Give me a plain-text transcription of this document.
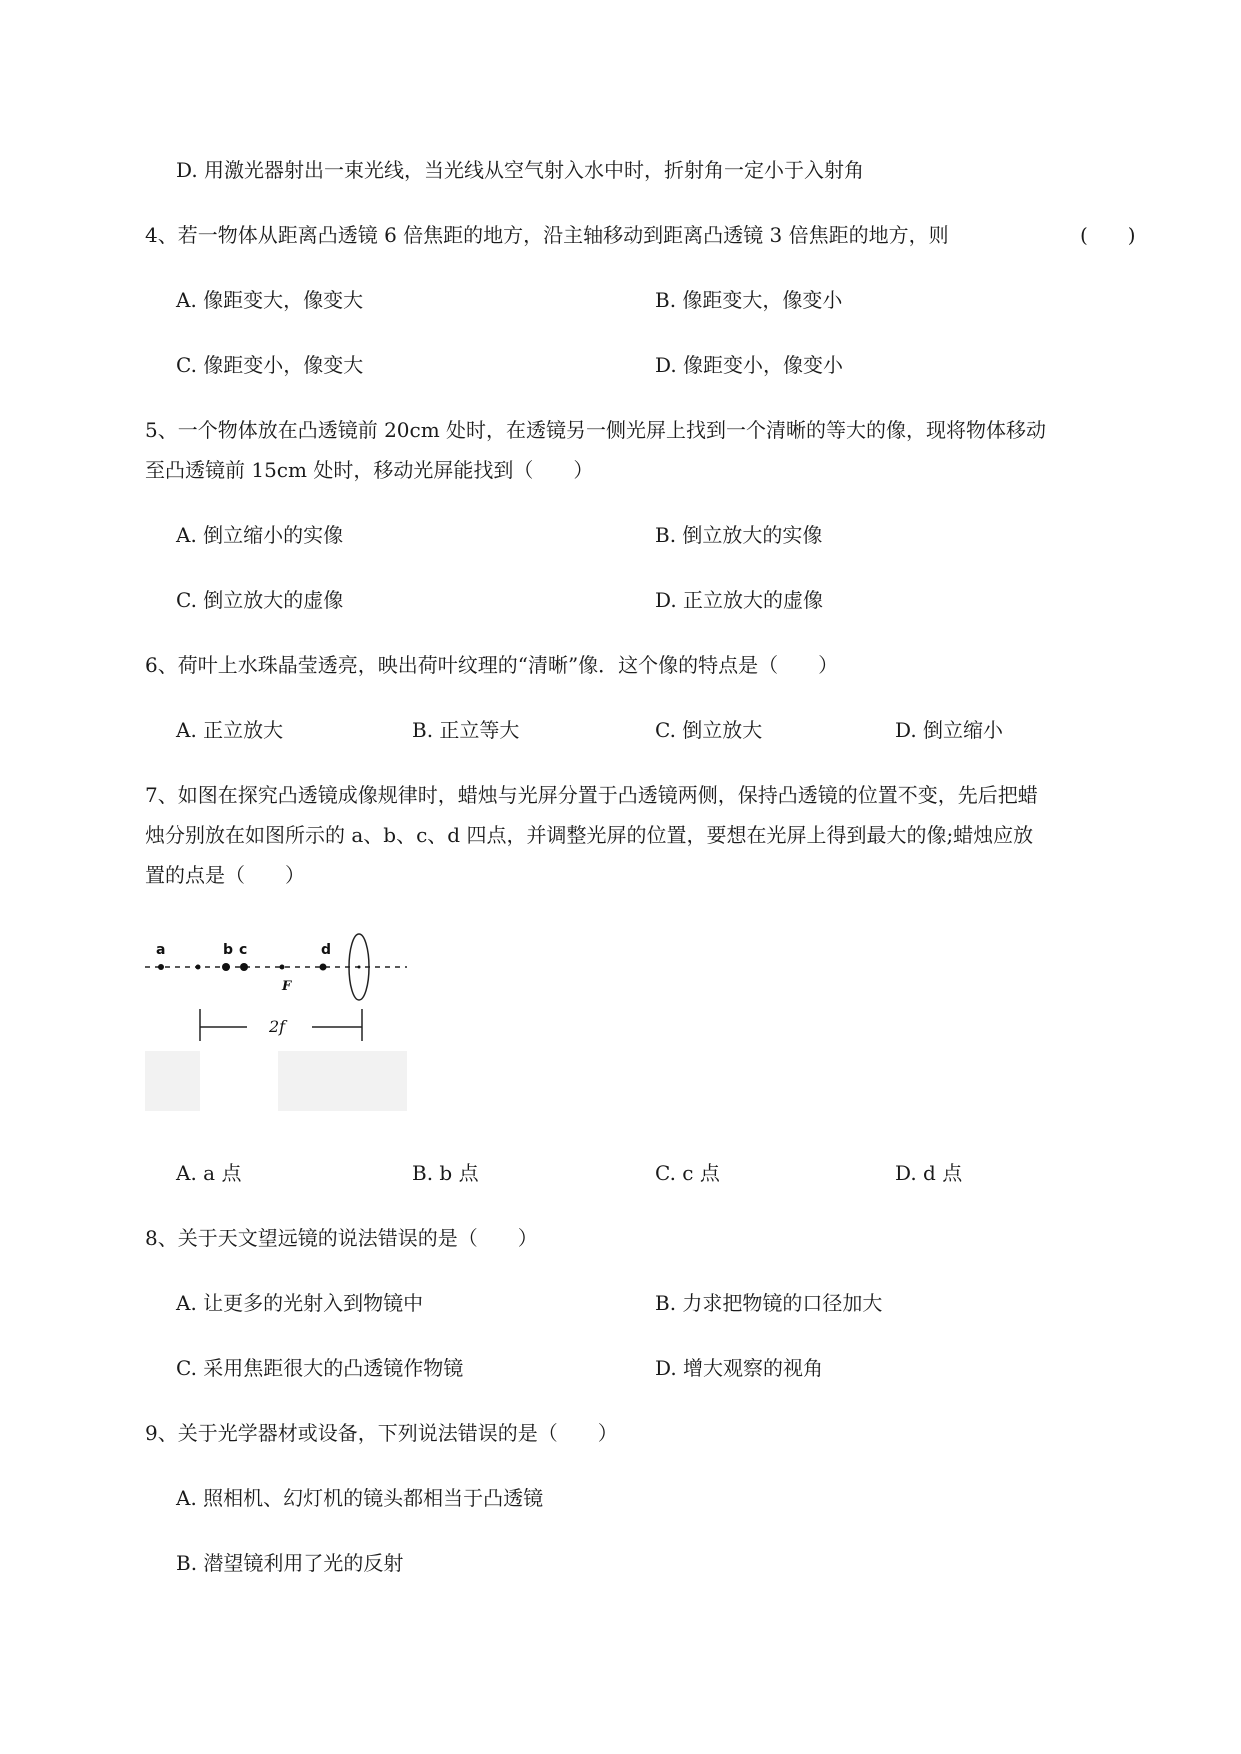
D. 用激光器射出一束光线，当光线从空气射入水中时，折射角一定小于入射角
4、若一物体从距离凸透镜 6 倍焦距的地方，沿主轴移动到距离凸透镜 3 倍焦距的地方，则	(　　)
A. 像距变大，像变大	B. 像距变大，像变小
C. 像距变小，像变大	D. 像距变小，像变小
5、一个物体放在凸透镜前 20cm 处时，在透镜另一侧光屏上找到一个清晰的等大的像，现将物体移动
至凸透镜前 15cm 处时，移动光屏能找到（　　）
A. 倒立缩小的实像	B. 倒立放大的实像
C. 倒立放大的虚像	D. 正立放大的虚像
6、荷叶上水珠晶莹透亮，映出荷叶纹理的“清晰”像．这个像的特点是（　　）
A. 正立放大	B. 正立等大	C. 倒立放大	D. 倒立缩小
7、如图在探究凸透镜成像规律时，蜡烛与光屏分置于凸透镜两侧，保持凸透镜的位置不变，先后把蜡
烛分别放在如图所示的 a、b、c、d 四点，并调整光屏的位置，要想在光屏上得到最大的像;蜡烛应放
置的点是（　　）
a	b c	d
F
2f
A. a 点	B. b 点	C. c 点	D. d 点
8、关于天文望远镜的说法错误的是（　　）
A. 让更多的光射入到物镜中	B. 力求把物镜的口径加大
C. 采用焦距很大的凸透镜作物镜	D. 增大观察的视角
9、关于光学器材或设备，下列说法错误的是（　　）
A. 照相机、幻灯机的镜头都相当于凸透镜
B. 潜望镜利用了光的反射
